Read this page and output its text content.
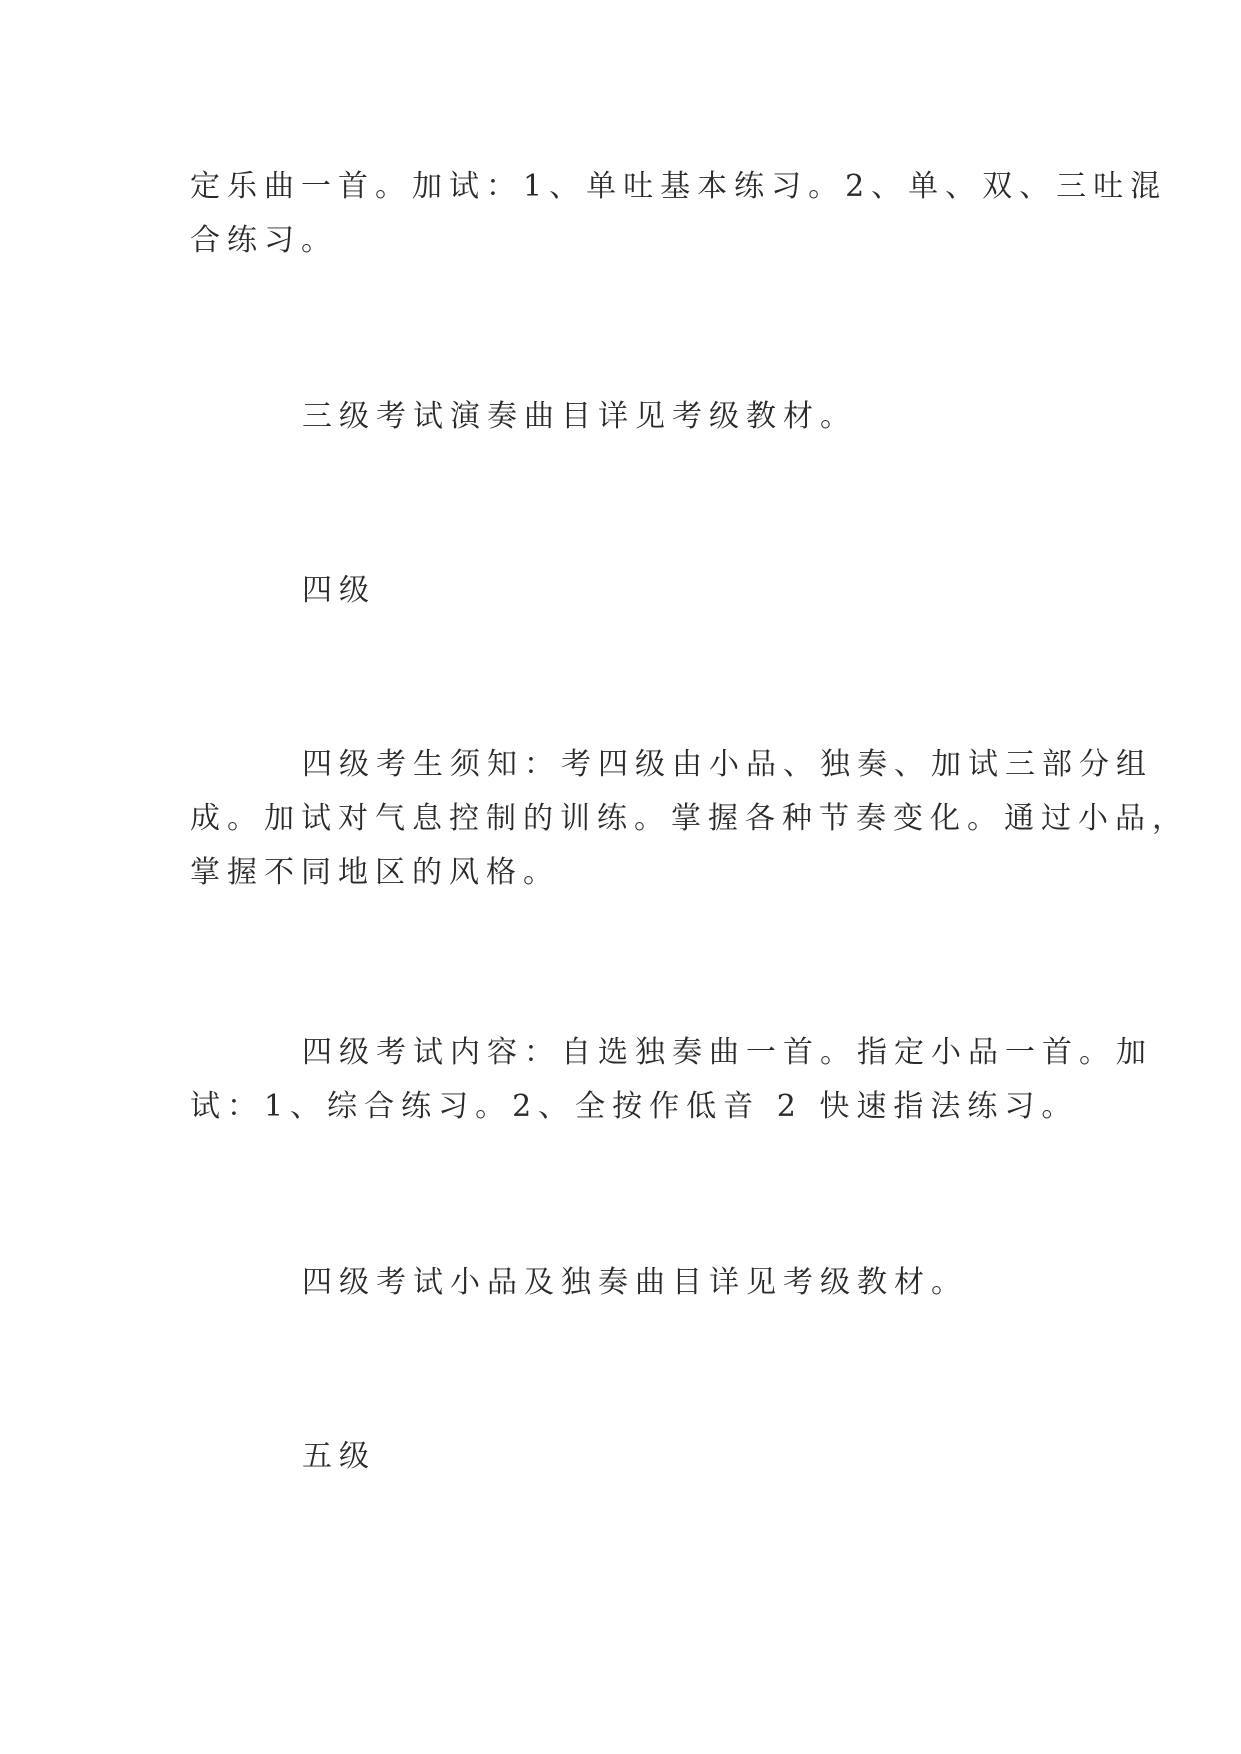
定乐曲一首。加试：1、单吐基本练习。2、单、双、三吐混
合练习。

三级考试演奏曲目详见考级教材。

四级

四级考生须知：考四级由小品、独奏、加试三部分组
成。加试对气息控制的训练。掌握各种节奏变化。通过小品，
掌握不同地区的风格。

四级考试内容：自选独奏曲一首。指定小品一首。加
试：1、综合练习。2、全按作低音 2 快速指法练习。

四级考试小品及独奏曲目详见考级教材。

五级
